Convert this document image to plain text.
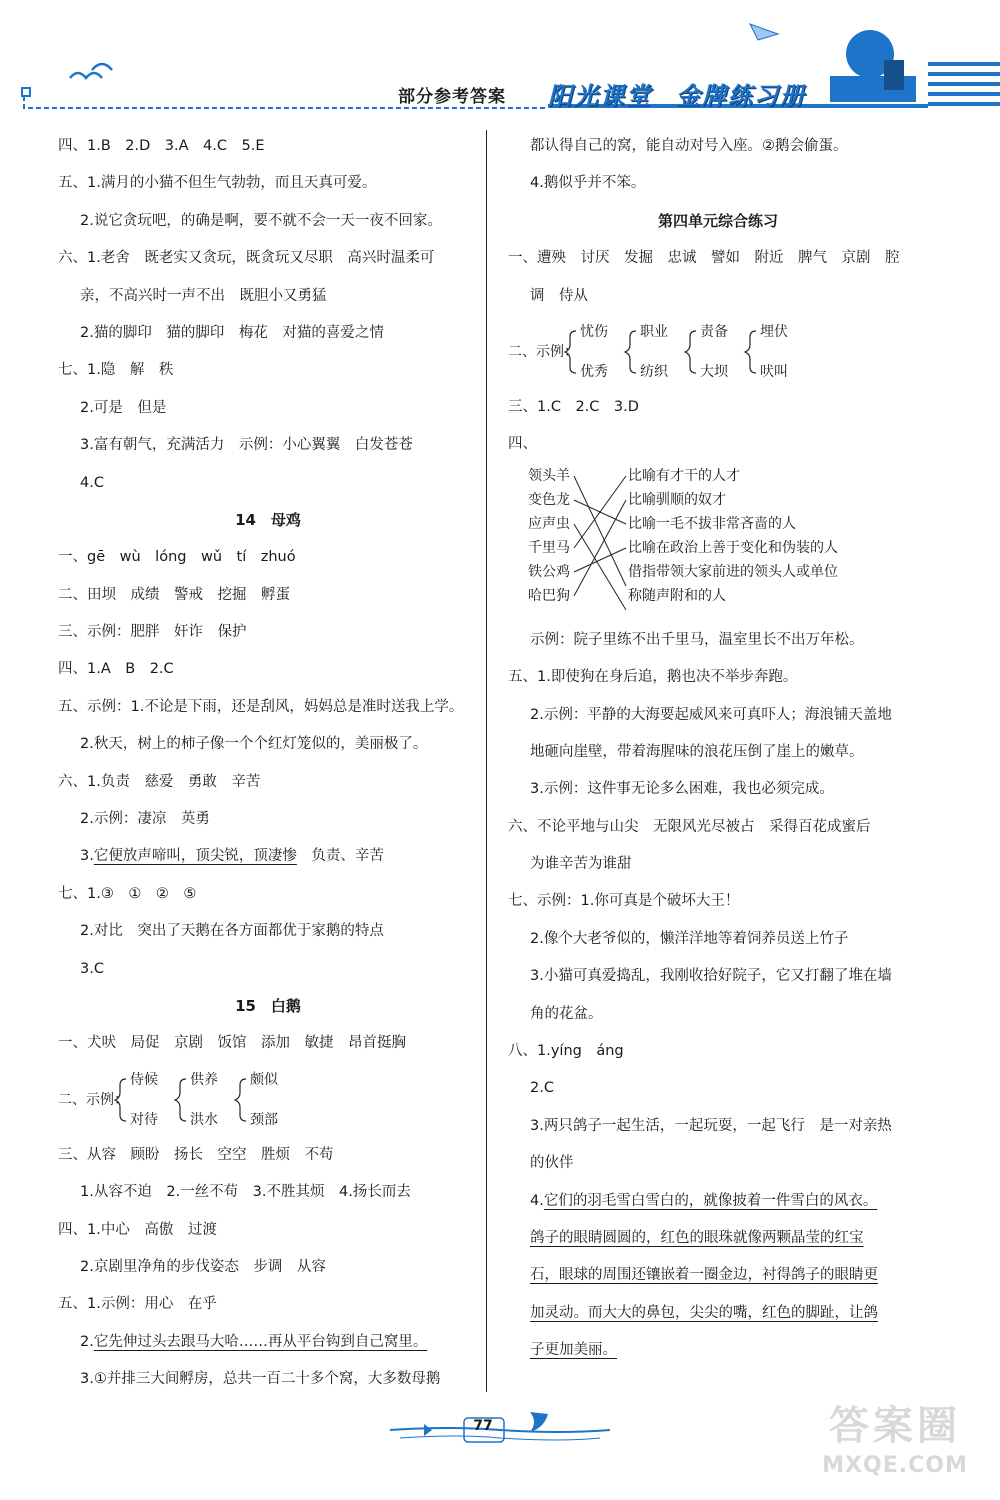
部分参考答案 阳光课堂 金牌练习册
四、1.B　2.D　3.A　4.C　5.E
五、1.满月的小猫不但生气勃勃，而且天真可爱。
2.说它贪玩吧，的确是啊，要不就不会一天一夜不回家。
六、1.老舍　既老实又贪玩，既贪玩又尽职　高兴时温柔可
亲，不高兴时一声不出　既胆小又勇猛
2.猫的脚印　猫的脚印　梅花　对猫的喜爱之情
七、1.隐　解　秩
2.可是　但是
3.富有朝气，充满活力　示例：小心翼翼　白发苍苍
4.C
14　母鸡
一、gē　wù　lóng　wǔ　tí　zhuó
二、田坝　成绩　警戒　挖掘　孵蛋
三、示例：肥胖　奸诈　保护
四、1.A　B　2.C
五、示例：1.不论是下雨，还是刮风，妈妈总是准时送我上学。
2.秋天，树上的柿子像一个个红灯笼似的，美丽极了。
六、1.负责　慈爱　勇敢　辛苦
2.示例：凄凉　英勇
3.它便放声啼叫，顶尖锐，顶凄惨　负责、辛苦
七、1.③　①　②　⑤
2.对比　突出了天鹅在各方面都优于家鹅的特点
3.C
15　白鹅
一、犬吠　局促　京剧　饭馆　添加　敏捷　昂首挺胸
二、示例：
侍候
对待
供养
洪水
颇似
颈部
三、从容　顾盼　扬长　空空　胜烦　不苟
1.从容不迫　2.一丝不苟　3.不胜其烦　4.扬长而去
四、1.中心　高傲　过渡
2.京剧里净角的步伐姿态　步调　从容
五、1.示例：用心　在乎
2.它先伸过头去跟马大哈……再从平台钩到自己窝里。
3.①并排三大间孵房，总共一百二十多个窝，大多数母鹅
都认得自己的窝，能自动对号入座。②鹅会偷蛋。
4.鹅似乎并不笨。
第四单元综合练习
一、遭殃　讨厌　发掘　忠诚　譬如　附近　脾气　京剧　腔
调　侍从
二、示例：
忧伤
优秀
职业
纺织
责备
大坝
埋伏
吠叫
三、1.C　2.C　3.D
四、
领头羊
变色龙
应声虫
千里马
铁公鸡
哈巴狗
比喻有才干的人才
比喻驯顺的奴才
比喻一毛不拔非常吝啬的人
比喻在政治上善于变化和伪装的人
借指带领大家前进的领头人或单位
称随声附和的人
示例：院子里练不出千里马，温室里长不出万年松。
五、1.即使狗在身后追，鹅也决不举步奔跑。
2.示例：平静的大海要起威风来可真吓人；海浪铺天盖地
地砸向崖壁，带着海腥味的浪花压倒了崖上的嫩草。
3.示例：这件事无论多么困难，我也必须完成。
六、不论平地与山尖　无限风光尽被占　采得百花成蜜后
为谁辛苦为谁甜
七、示例：1.你可真是个破坏大王！
2.像个大老爷似的，懒洋洋地等着饲养员送上竹子
3.小猫可真爱捣乱，我刚收拾好院子，它又打翻了堆在墙
角的花盆。
八、1.yíng　áng
2.C
3.两只鸽子一起生活，一起玩耍，一起飞行　是一对亲热
的伙伴
4.它们的羽毛雪白雪白的，就像披着一件雪白的风衣。
鸽子的眼睛圆圆的，红色的眼珠就像两颗晶莹的红宝
石，眼球的周围还镶嵌着一圈金边，衬得鸽子的眼睛更
加灵动。而大大的鼻包，尖尖的嘴，红色的脚趾，让鸽
子更加美丽。
77	答案圈
MXQE.COM
